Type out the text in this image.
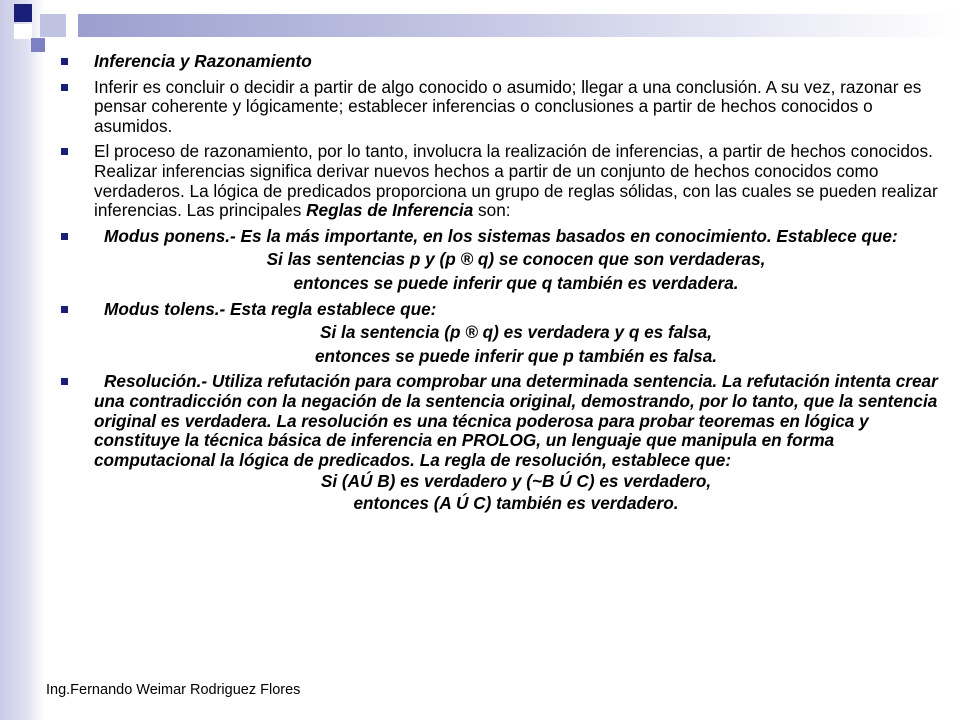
Inferencia y Razonamiento
Inferir es concluir o decidir a partir de algo conocido o asumido; llegar a una conclusión. A su vez, razonar es pensar coherente y lógicamente; establecer inferencias o conclusiones a partir de hechos conocidos o asumidos.
El proceso de razonamiento, por lo tanto, involucra la realización de inferencias, a partir de hechos conocidos. Realizar inferencias significa derivar nuevos hechos a partir de un conjunto de hechos conocidos como verdaderos. La lógica de predicados proporciona un grupo de reglas sólidas, con las cuales se pueden realizar inferencias. Las principales Reglas de Inferencia son:
Modus ponens.- Es la más importante, en los sistemas basados en conocimiento. Establece que:
Si las sentencias p y (p ® q) se conocen que son verdaderas,
entonces se puede inferir que q también es verdadera.
Modus tolens.- Esta regla establece que:
Si la sentencia (p ® q) es verdadera y q es falsa,
entonces se puede inferir que p también es falsa.
Resolución.- Utiliza refutación para comprobar una determinada sentencia. La refutación intenta crear una contradicción con la negación de la sentencia original, demostrando, por lo tanto, que la sentencia original es verdadera. La resolución es una técnica poderosa para probar teoremas en lógica y constituye la técnica básica de inferencia en PROLOG, un lenguaje que manipula en forma computacional la lógica de predicados. La regla de resolución, establece que:
Si (AÚ B) es verdadero y (~B Ú C) es verdadero,
entonces (A Ú C) también es verdadero.
Ing.Fernando Weimar Rodriguez Flores
